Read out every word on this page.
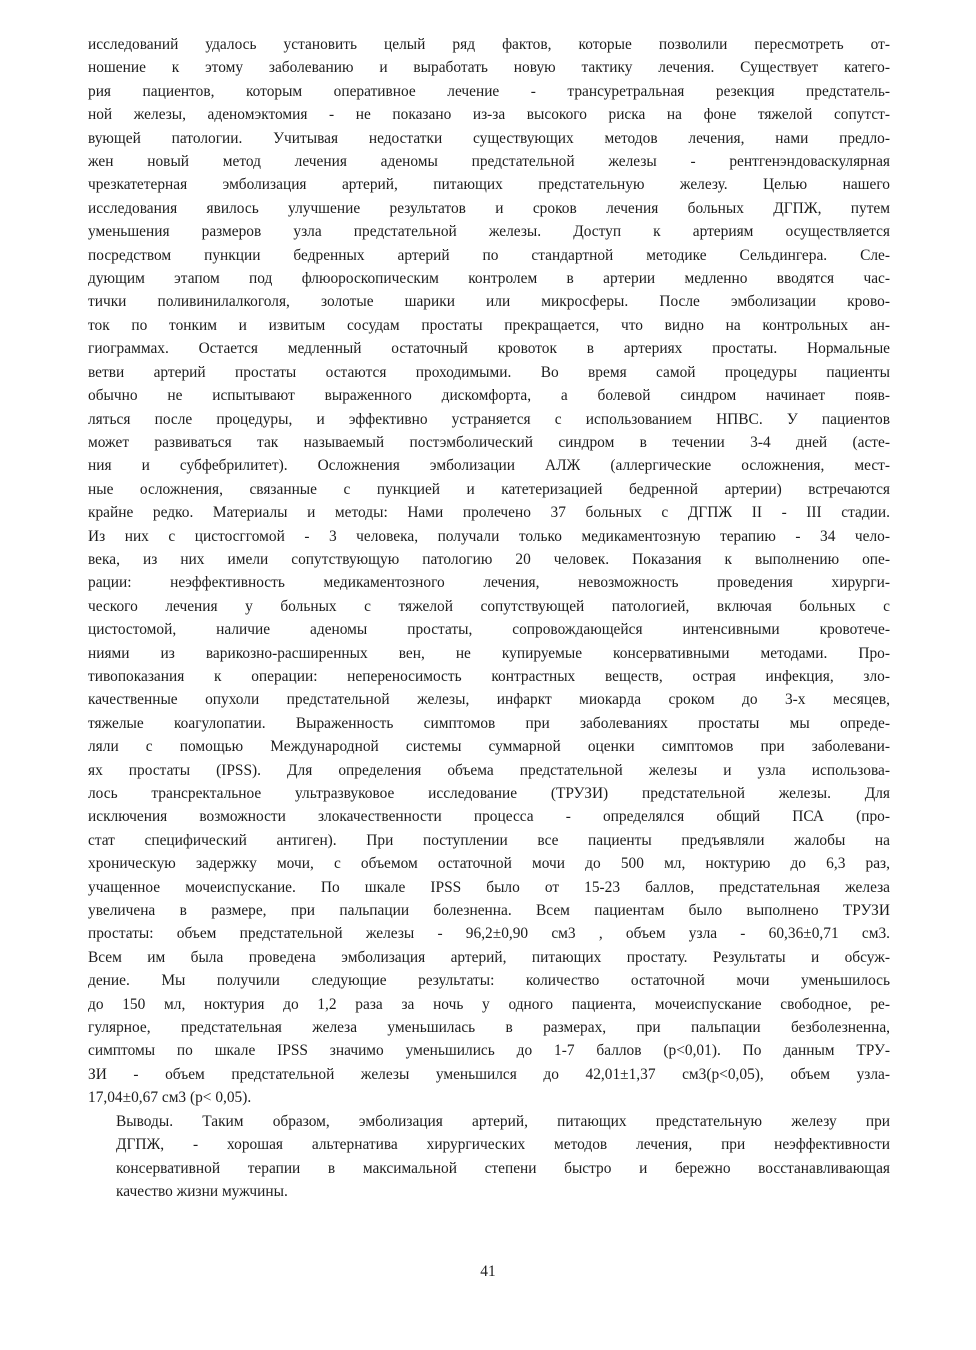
исследований удалось установить целый ряд фактов, которые позволили пересмотреть от-
ношение к этому заболеванию и выработать новую тактику лечения. Существует катего-
рия пациентов, которым оперативное лечение - трансуретральная резекция предстатель-
ной железы, аденомэктомия - не показано из-за высокого риска на фоне тяжелой сопутст-
вующей патологии. Учитывая недостатки существующих методов лечения, нами предло-
жен новый метод лечения аденомы предстательной железы - рентгенэндоваскулярная
чрезкатетерная эмболизация артерий, питающих предстательную железу. Целью нашего
исследования явилось улучшение результатов и сроков лечения больных ДГПЖ, путем
уменьшения размеров узла предстательной железы. Доступ к артериям осуществляется
посредством пункции бедренных артерий по стандартной методике Сельдингера. Сле-
дующим этапом под флюороскопическим контролем в артерии медленно вводятся час-
тички поливинилалкоголя, золотые шарики или микросферы. После эмболизации крово-
ток по тонким и извитым сосудам простаты прекращается, что видно на контрольных ан-
гиограммах. Остается медленный остаточный кровоток в артериях простаты. Нормальные
ветви артерий простаты остаются проходимыми. Во время самой процедуры пациенты
обычно не испытывают выраженного дискомфорта, а болевой синдром начинает появ-
ляться после процедуры, и эффективно устраняется с использованием НПВС. У пациентов
может развиваться так называемый постэмболический синдром в течении 3-4 дней (асте-
ния и субфебрилитет). Осложнения эмболизации АЛЖ (аллергические осложнения, мест-
ные осложнения, связанные с пункцией и катетеризацией бедренной артерии) встречаются
крайне редко. Материалы и методы: Нами пролечено 37 больных с ДГПЖ II - III стадии.
Из них с цистосггомой - 3 человека, получали только медикаментозную терапию - 34 чело-
века, из них имели сопутствующую патологию 20 человек. Показания к выполнению опе-
рации: неэффективность медикаментозного лечения, невозможность проведения хирурги-
ческого лечения у больных с тяжелой сопутствующей патологией, включая больных с
цистостомой, наличие аденомы простаты, сопровождающейся интенсивными кровотече-
ниями из варикозно-расширенных вен, не купируемые консервативными методами. Про-
тивопоказания к операции: непереносимость контрастных веществ, острая инфекция, зло-
качественные опухоли предстательной железы, инфаркт миокарда сроком до 3-х месяцев,
тяжелые коагулопатии. Выраженность симптомов при заболеваниях простаты мы опреде-
ляли с помощью Международной системы суммарной оценки симптомов при заболевани-
ях простаты (IPSS). Для определения объема предстательной железы и узла использова-
лось трансректальное ультразвуковое исследование (ТРУЗИ) предстательной железы. Для
исключения возможности злокачественности процесса - определялся общий ПСА (про-
стат специфический антиген). При поступлении все пациенты предъявляли жалобы на
хроническую задержку мочи, с объемом остаточной мочи до 500 мл, ноктурию до 6,3 раз,
учащенное мочеиспускание. По шкале IPSS было от 15-23 баллов, предстательная железа
увеличена в размере, при пальпации болезненна. Всем пациентам было выполнено ТРУЗИ
простаты: объем предстательной железы - 96,2±0,90 см3 , объем узла - 60,36±0,71 см3.
Всем им была проведена эмболизация артерий, питающих простату. Результаты и обсуж-
дение. Мы получили следующие результаты: количество остаточной мочи уменьшилось
до 150 мл, ноктурия до 1,2 раза за ночь у одного пациента, мочеиспускание свободное, ре-
гулярное, предстательная железа уменьшилась в размерах, при пальпации безболезненна,
симптомы по шкале IPSS значимо уменьшились до 1-7 баллов (р<0,01). По данным ТРУ-
ЗИ - объем предстательной железы уменьшился до 42,01±1,37 см3(р<0,05), объем узла-
17,04±0,67 см3 (р< 0,05).

Выводы. Таким образом, эмболизация артерий, питающих предстательную железу при
ДГПЖ, - хорошая альтернатива хирургических методов лечения, при неэффективности
консервативной терапии в максимальной степени быстро и бережно восстанавливающая
качество жизни мужчины.

41
